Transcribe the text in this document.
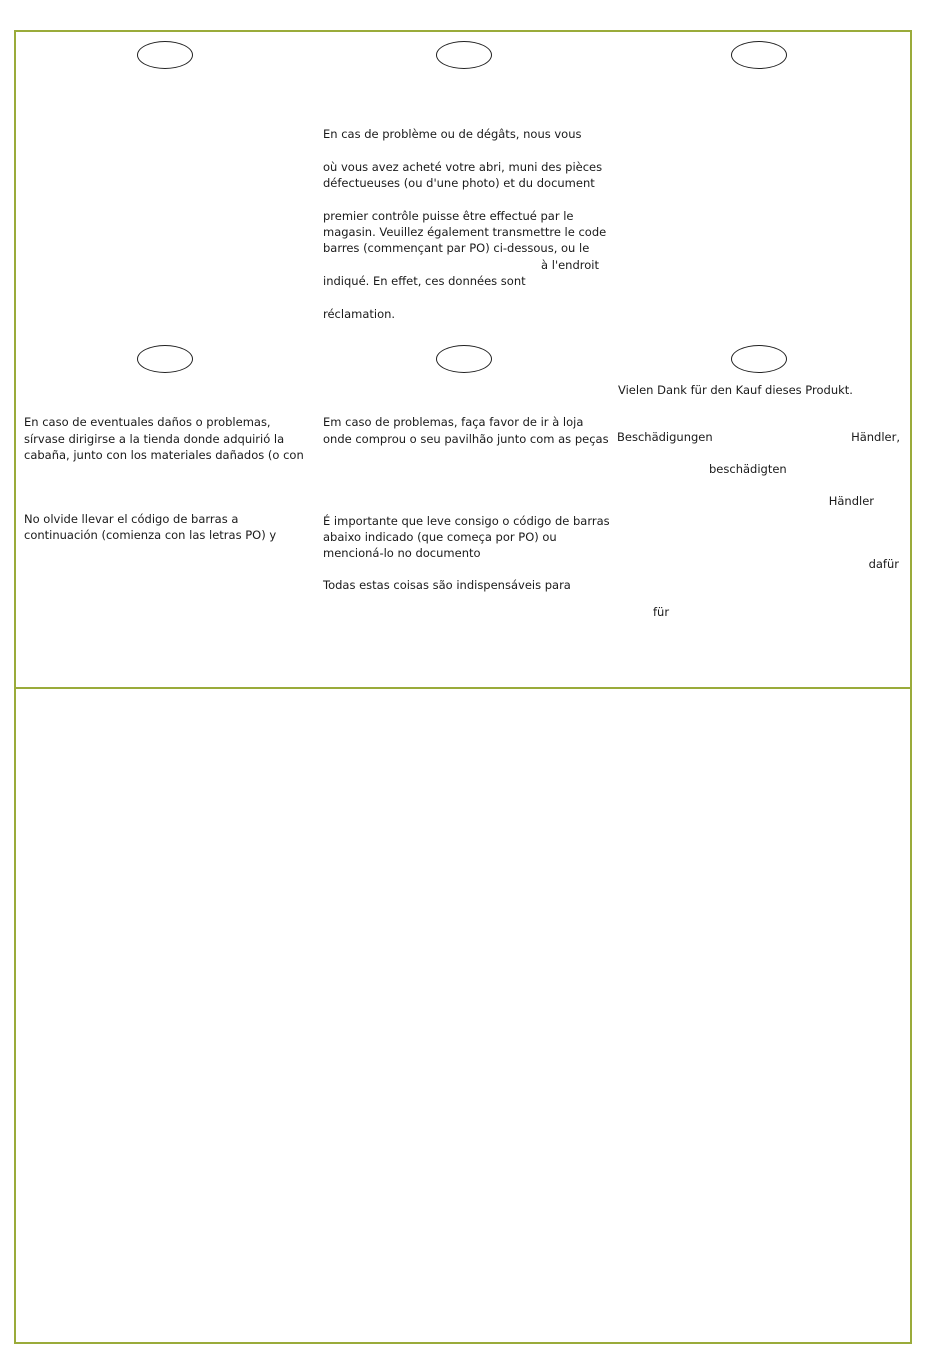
En cas de problème ou de dégâts, nous vous
où vous avez acheté votre abri, muni des pièces
défectueuses (ou d'une photo) et du document
premier contrôle puisse être effectué par le
magasin. Veuillez également transmettre le code
barres (commençant par PO) ci-dessous, ou le
à l'endroit
indiqué. En effet, ces données sont
réclamation.
En caso de eventuales daños o problemas,
sírvase dirigirse a la tienda donde adquirió la
cabaña, junto con los materiales dañados (o con
No olvide llevar el código de barras a
continuación (comienza con las letras PO) y
Em caso de problemas, faça favor de ir à loja
onde comprou o seu pavilhão junto com as peças
É importante que leve consigo o código de barras
abaixo indicado (que começa por PO) ou
mencioná-lo no documento
Todas estas coisas são indispensáveis para
Vielen Dank für den Kauf dieses Produkt.
Beschädigungen	Händler,
beschädigten
Händler
dafür
für
